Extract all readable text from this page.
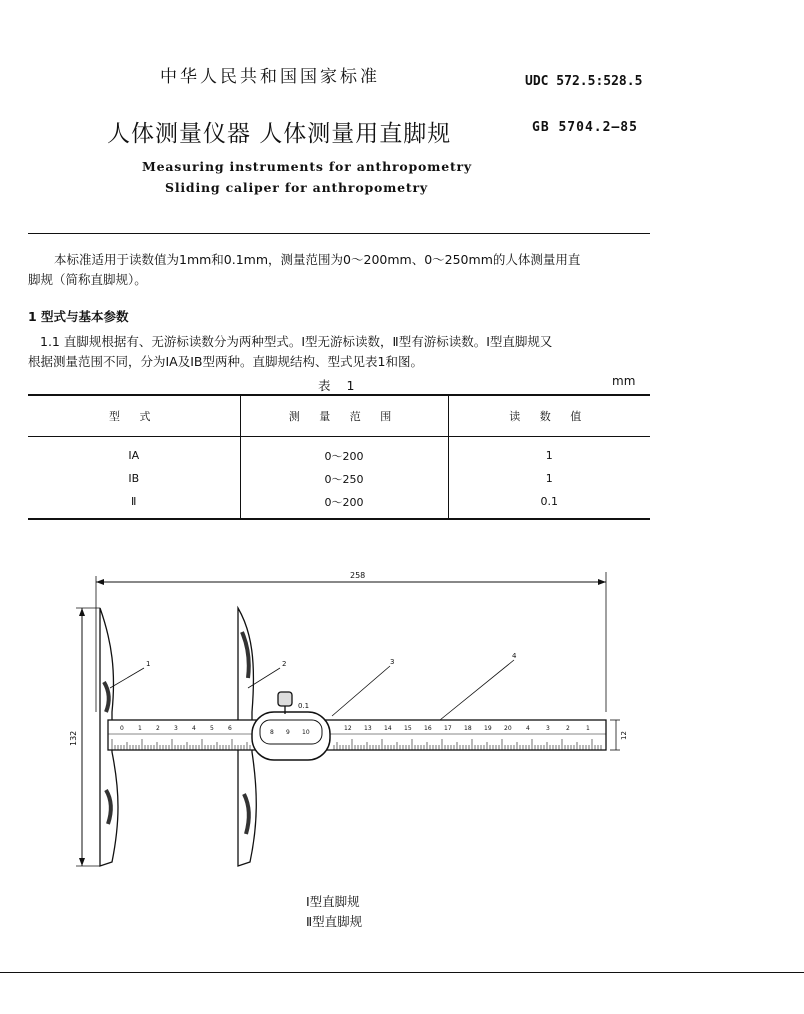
中华人民共和国国家标准	UDC 572.5:528.5
人体测量仪器 人体测量用直脚规	GB 5704.2—85
Measuring instruments for anthropometry
Sliding caliper for anthropometry
本标准适用于读数值为1mm和0.1mm，测量范围为0～200mm、0～250mm的人体测量用直
脚规（简称直脚规）。
1 型式与基本参数
1.1 直脚规根据有、无游标读数分为两种型式。Ⅰ型无游标读数，Ⅱ型有游标读数。Ⅰ型直脚规又
根据测量范围不同，分为ⅠA及ⅠB型两种。直脚规结构、型式见表1和图。
表 1	mm
型 式	测 量 范 围	读 数 值
ⅠA	0～200	1
ⅠB	0～250	1
Ⅱ	0～200	0.1
258
132
0.1
0 1 2 3 4 5 6
8 9 10
12 13 14 15 16 17 18 19 20 4	3	2	1
12
1	2	3
4
Ⅰ型直脚规
Ⅱ型直脚规
